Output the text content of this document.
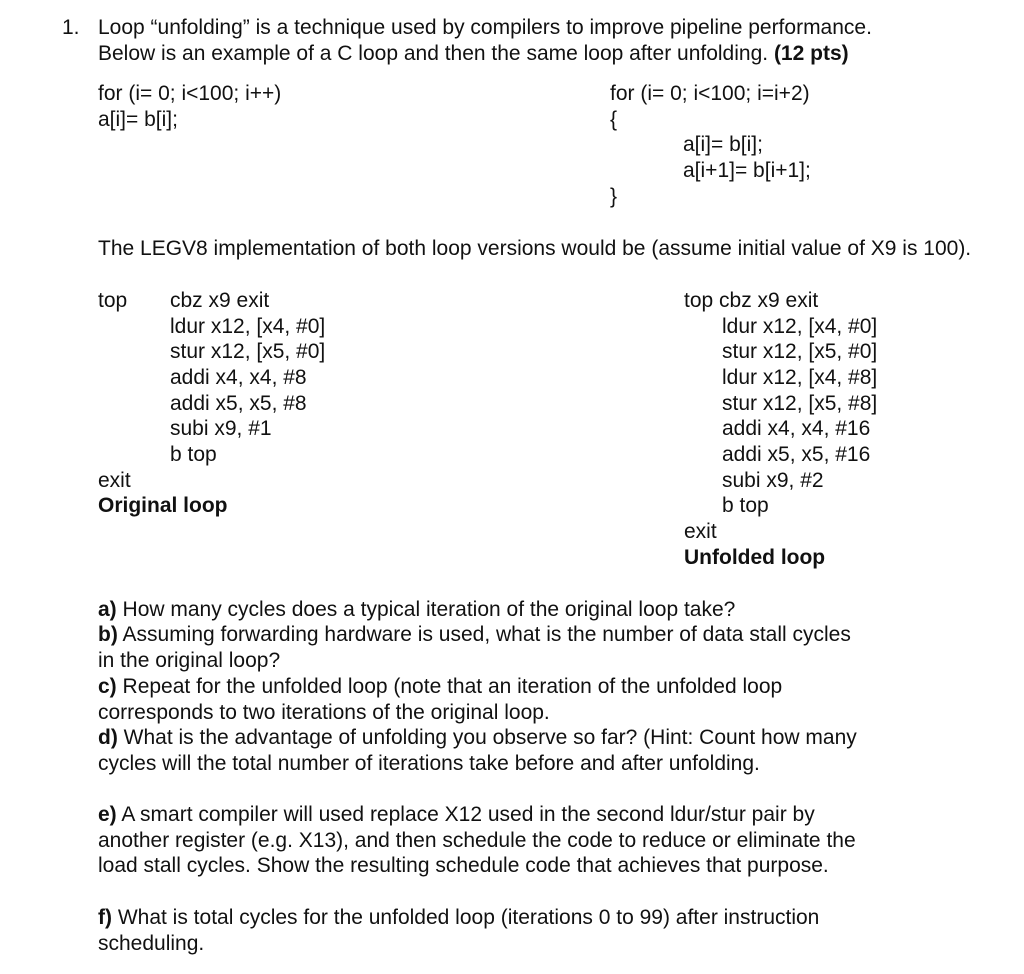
1. Loop “unfolding” is a technique used by compilers to improve pipeline performance.
Below is an example of a C loop and then the same loop after unfolding. (12 pts)
for (i= 0; i<100; i++)
a[i]= b[i];
for (i= 0; i<100; i=i+2)
{
a[i]= b[i];
a[i+1]= b[i+1];
}
The LEGV8 implementation of both loop versions would be (assume initial value of X9 is 100).
top cbz x9 exit
ldur x12, [x4, #0]
stur x12, [x5, #0]
addi x4, x4, #8
addi x5, x5, #8
subi x9, #1
b top
exit
Original loop
top cbz x9 exit
ldur x12, [x4, #0]
stur x12, [x5, #0]
ldur x12, [x4, #8]
stur x12, [x5, #8]
addi x4, x4, #16
addi x5, x5, #16
subi x9, #2
b top
exit
Unfolded loop
a) How many cycles does a typical iteration of the original loop take?
b) Assuming forwarding hardware is used, what is the number of data stall cycles in the original loop?
c) Repeat for the unfolded loop (note that an iteration of the unfolded loop corresponds to two iterations of the original loop.
d) What is the advantage of unfolding you observe so far? (Hint: Count how many cycles will the total number of iterations take before and after unfolding.
e) A smart compiler will used replace X12 used in the second ldur/stur pair by another register (e.g. X13), and then schedule the code to reduce or eliminate the load stall cycles. Show the resulting schedule code that achieves that purpose.
f) What is total cycles for the unfolded loop (iterations 0 to 99) after instruction scheduling.
